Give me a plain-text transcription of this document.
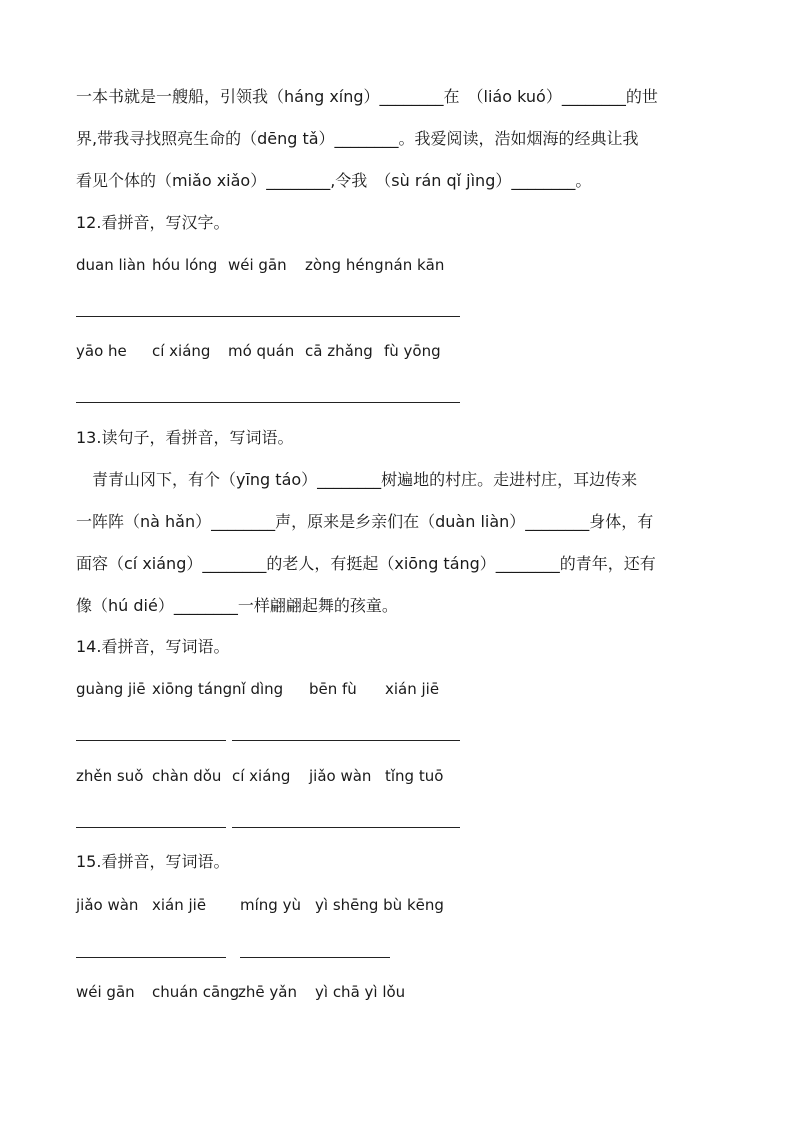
一本书就是一艘船，引领我（háng xíng）________在　（liáo kuó）________的世
界,带我寻找照亮生命的（dēng tǎ）________。我爱阅读，浩如烟海的经典让我
看见个体的（miǎo xiǎo）________,令我　（sù rán qǐ jìng）________。
12.看拼音，写汉字。
duan liàn hóu lóng wéi gān zòng héng nán kān
yāo he cí xiáng mó quán cā zhǎng fù yōng
13.读句子，看拼音，写词语。
　青青山冈下，有个（yīng táo）________树遍地的村庄。走进村庄，耳边传来
一阵阵（nà hǎn）________声，原来是乡亲们在（duàn liàn）________身体，有
面容（cí xiáng）________的老人，有挺起（xiōng táng）________的青年，还有
像（hú dié）________一样翩翩起舞的孩童。
14.看拼音，写词语。
guàng jiē xiōng táng nǐ dìng bēn fù xián jiē
zhěn suǒ chàn dǒu cí xiáng jiǎo wàn tǐng tuō
15.看拼音，写词语。
jiǎo wàn xián jiē míng yù yì shēng bù kēng
wéi gān chuán cāng
zhē yǎn yì chā yì lǒu
